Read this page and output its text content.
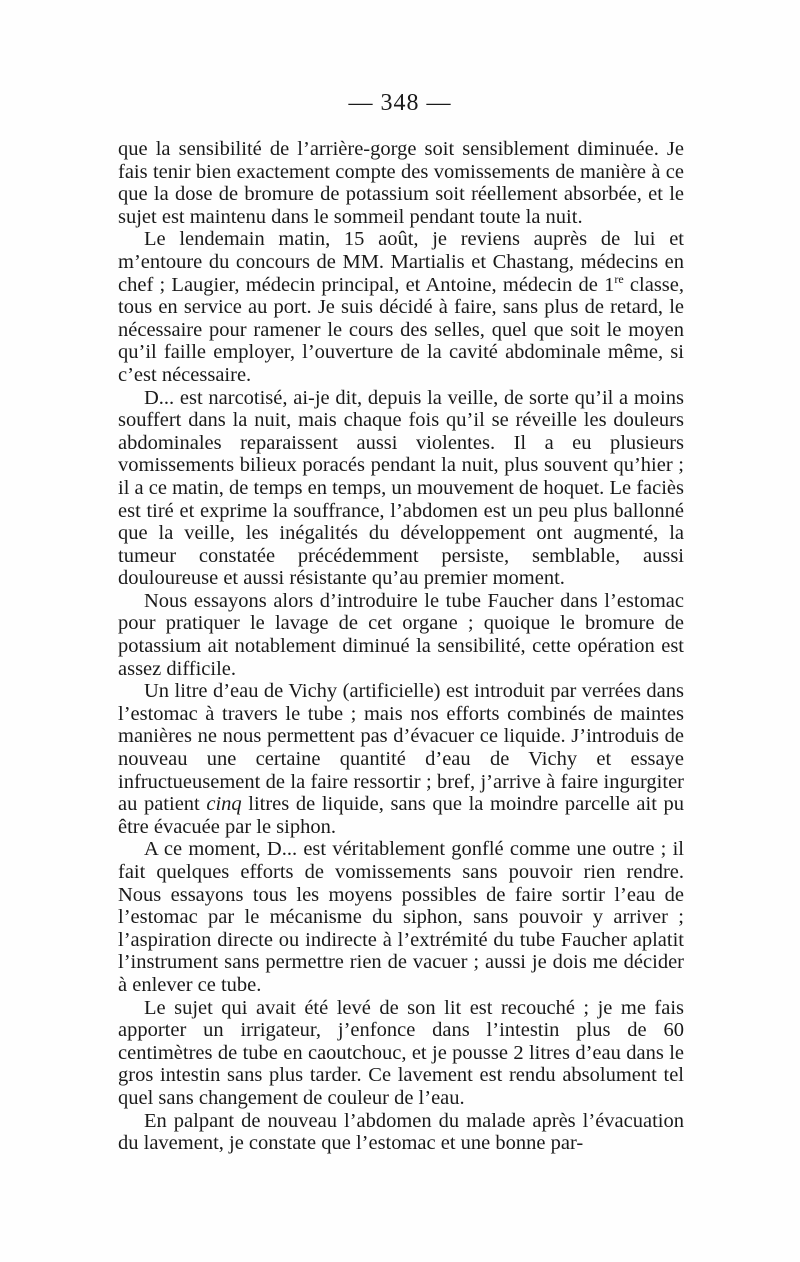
— 348 —

que la sensibilité de l’arrière-gorge soit sensiblement diminuée. Je fais tenir bien exactement compte des vomissements de manière à ce que la dose de bromure de potassium soit réellement absorbée, et le sujet est maintenu dans le sommeil pendant toute la nuit.

Le lendemain matin, 15 août, je reviens auprès de lui et m’entoure du concours de MM. Martialis et Chastang, médecins en chef ; Laugier, médecin principal, et Antoine, médecin de 1re classe, tous en service au port. Je suis décidé à faire, sans plus de retard, le nécessaire pour ramener le cours des selles, quel que soit le moyen qu’il faille employer, l’ouverture de la cavité abdominale même, si c’est nécessaire.

D... est narcotisé, ai-je dit, depuis la veille, de sorte qu’il a moins souffert dans la nuit, mais chaque fois qu’il se réveille les douleurs abdominales reparaissent aussi violentes. Il a eu plusieurs vomissements bilieux poracés pendant la nuit, plus souvent qu’hier ; il a ce matin, de temps en temps, un mouvement de hoquet. Le faciès est tiré et exprime la souffrance, l’abdomen est un peu plus ballonné que la veille, les inégalités du développement ont augmenté, la tumeur constatée précédemment persiste, semblable, aussi douloureuse et aussi résistante qu’au premier moment.

Nous essayons alors d’introduire le tube Faucher dans l’estomac pour pratiquer le lavage de cet organe ; quoique le bromure de potassium ait notablement diminué la sensibilité, cette opération est assez difficile.

Un litre d’eau de Vichy (artificielle) est introduit par verrées dans l’estomac à travers le tube ; mais nos efforts combinés de maintes manières ne nous permettent pas d’évacuer ce liquide. J’introduis de nouveau une certaine quantité d’eau de Vichy et essaye infructueusement de la faire ressortir ; bref, j’arrive à faire ingurgiter au patient cinq litres de liquide, sans que la moindre parcelle ait pu être évacuée par le siphon.

A ce moment, D... est véritablement gonflé comme une outre ; il fait quelques efforts de vomissements sans pouvoir rien rendre. Nous essayons tous les moyens possibles de faire sortir l’eau de l’estomac par le mécanisme du siphon, sans pouvoir y arriver ; l’aspiration directe ou indirecte à l’extrémité du tube Faucher aplatit l’instrument sans permettre rien de vacuer ; aussi je dois me décider à enlever ce tube.

Le sujet qui avait été levé de son lit est recouché ; je me fais apporter un irrigateur, j’enfonce dans l’intestin plus de 60 centimètres de tube en caoutchouc, et je pousse 2 litres d’eau dans le gros intestin sans plus tarder. Ce lavement est rendu absolument tel quel sans changement de couleur de l’eau.

En palpant de nouveau l’abdomen du malade après l’évacuation du lavement, je constate que l’estomac et une bonne par-
